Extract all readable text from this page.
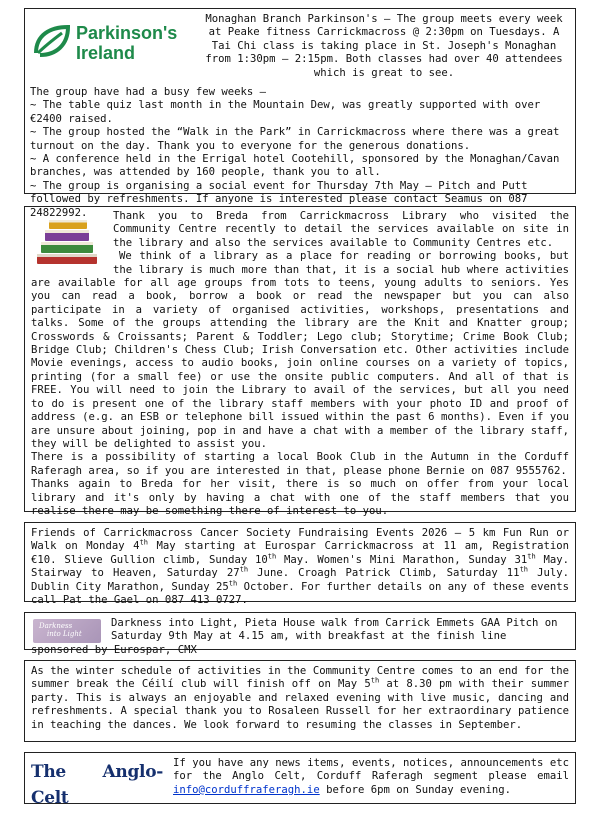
Parkinson's
Ireland

Monaghan Branch Parkinson's – The group meets every week at Peake fitness Carrickmacross @ 2:30pm on Tuesdays. A Tai Chi class is taking place in St. Joseph's Monaghan from 1:30pm – 2:15pm. Both classes had over 40 attendees which is great to see.

The group have had a busy few weeks –

~ The table quiz last month in the Mountain Dew, was greatly supported with over €2400 raised.

~ The group hosted the “Walk in the Park” in Carrickmacross where there was a great turnout on the day. Thank you to everyone for the generous donations.

~ A conference held in the Errigal hotel Cootehill, sponsored by the Monaghan/Cavan branches, was attended by 160 people, thank you to all.

~ The group is organising a social event for Thursday 7th May – Pitch and Putt followed by refreshments. If anyone is interested please contact Seamus on 087 24822992.	Thank you to Breda from Carrickmacross Library who visited the Community Centre recently to detail the services available on site in the library and also the services available to Community Centres etc.

We think of a library as a place for reading or borrowing books, but the library is much more than that, it is a social hub where activities are available for all age groups from tots to teens, young adults to seniors. Yes you can read a book, borrow a book or read the newspaper but you can also participate in a variety of organised activities, workshops, presentations and talks. Some of the groups attending the library are the Knit and Knatter group; Crosswords & Croissants; Parent & Toddler; Lego club; Storytime; Crime Book Club; Bridge Club; Children's Chess Club; Irish Conversation etc. Other activities include Movie evenings, access to audio books, join online courses on a variety of topics, printing (for a small fee) or use the onsite public computers. And all of that is FREE. You will need to join the Library to avail of the services, but all you need to do is present one of the library staff members with your photo ID and proof of address (e.g. an ESB or telephone bill issued within the past 6 months). Even if you are unsure about joining, pop in and have a chat with a member of the library staff, they will be delighted to assist you.

There is a possibility of starting a local Book Club in the Autumn in the Corduff Raferagh area, so if you are interested in that, please phone Bernie on 087 9555762.

Thanks again to Breda for her visit, there is so much on offer from your local library and it's only by having a chat with one of the staff members that you realise there may be something there of interest to you.

Friends of Carrickmacross Cancer Society Fundraising Events 2026 – 5 km Fun Run or Walk on Monday 4th May starting at Eurospar Carrickmacross at 11 am, Registration €10. Slieve Gullion climb, Sunday 10th May. Women's Mini Marathon, Sunday 31th May. Stairway to Heaven, Saturday 27th June. Croagh Patrick Climb, Saturday 11th July. Dublin City Marathon, Sunday 25th October. For further details on any of these events call Pat the Gael on 087 413 0727.
Darkness
into Light

Darkness into Light, Pieta House walk from Carrick Emmets GAA Pitch on Saturday 9th May at 4.15 am, with breakfast at the finish line sponsored by Eurospar, CMX

As the winter schedule of activities in the Community Centre comes to an end for the summer break the Céilí club will finish off on May 5th at 8.30 pm with their summer party. This is always an enjoyable and relaxed evening with live music, dancing and refreshments. A special thank you to Rosaleen Russell for her extraordinary patience in teaching the dances. We look forward to resuming the classes in September.
The Anglo-Celt
If you have any news items, events, notices, announcements etc for the Anglo Celt, Corduff Raferagh segment please email info@corduffraferagh.ie before 6pm on Sunday evening.
